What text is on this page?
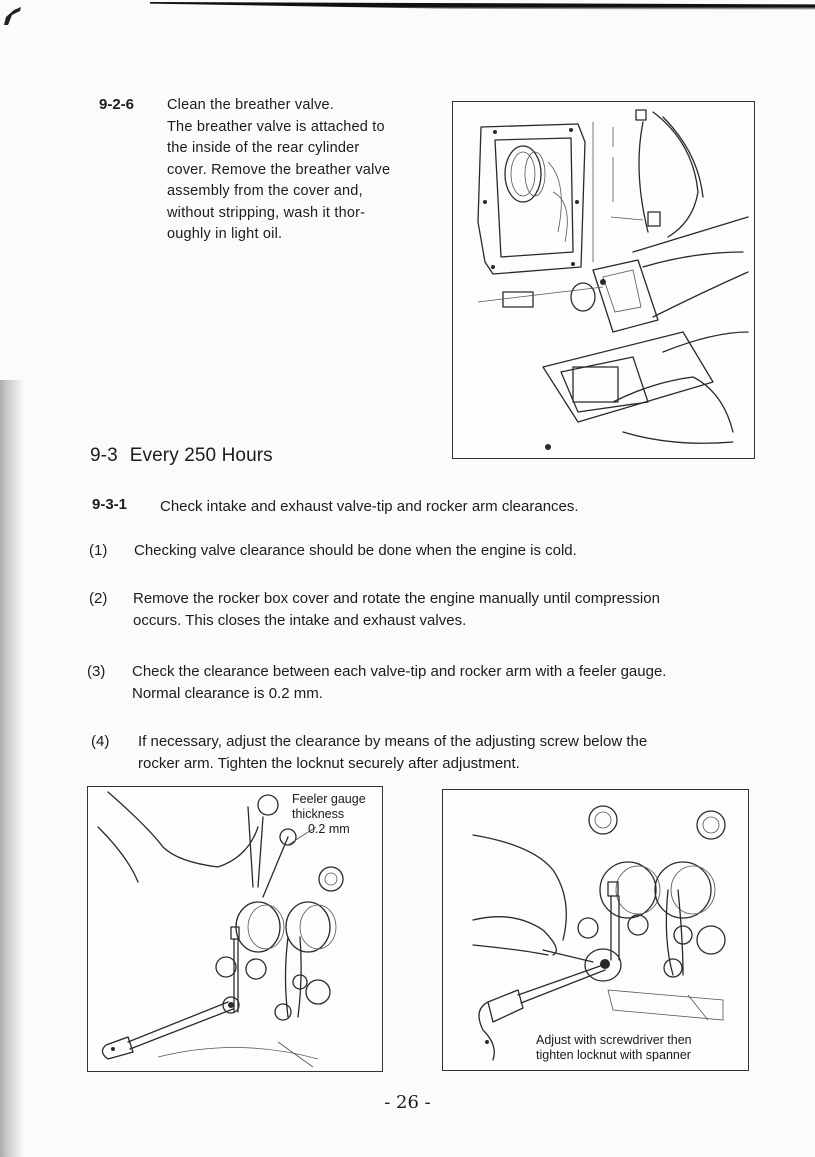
9-2-6 Clean the breather valve.
The breather valve is attached to
the inside of the rear cylinder
cover. Remove the breather valve
assembly from the cover and,
without stripping, wash it thor-
oughly in light oil.
9-3 Every 250 Hours
9-3-1 Check intake and exhaust valve-tip and rocker arm clearances.
(1) Checking valve clearance should be done when the engine is cold.
(2) Remove the rocker box cover and rotate the engine manually until compression
occurs. This closes the intake and exhaust valves.
(3) Check the clearance between each valve-tip and rocker arm with a feeler gauge.
Normal clearance is 0.2 mm.
(4) If necessary, adjust the clearance by means of the adjusting screw below the
rocker arm. Tighten the locknut securely after adjustment.
Feeler gauge
thickness
0.2 mm
Adjust with screwdriver then
tighten locknut with spanner
- 26 -
